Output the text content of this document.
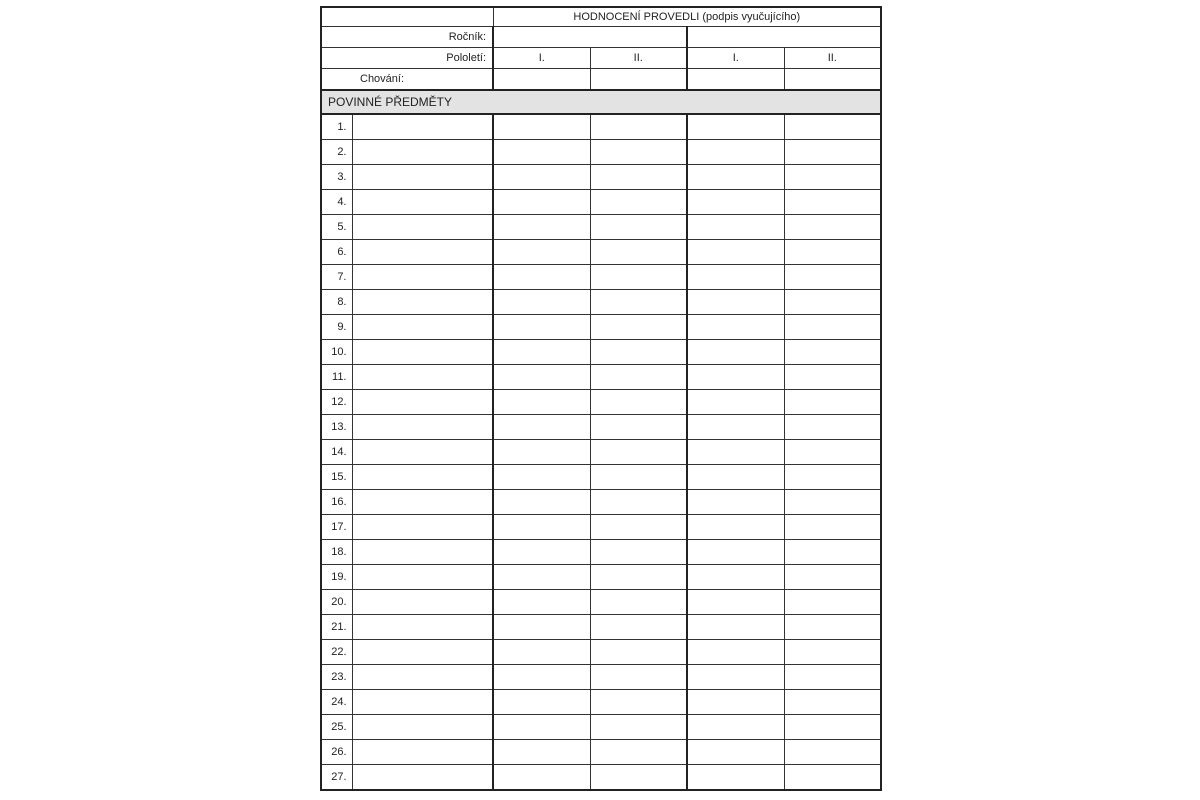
		HODNOCENÍ PROVEDLI (podpis vyučujícího)			
Ročník:					
Pololetí:		I.	II.	I.	II.
Chování:					
POVINNÉ PŘEDMĚTY					
1.					
2.					
3.					
4.					
5.					
6.					
7.					
8.					
9.					
10.					
11.					
12.					
13.					
14.					
15.					
16.					
17.					
18.					
19.					
20.					
21.					
22.					
23.					
24.					
25.					
26.					
27.					
